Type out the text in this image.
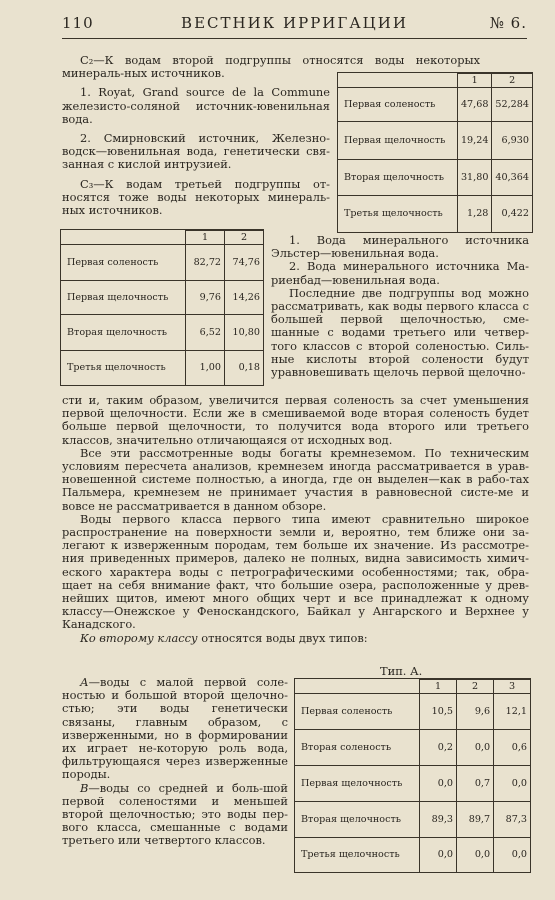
110	ВЕСТНИК ИРРИГАЦИИ	№ 6.

С₂—К водам второй подгруппы относятся воды некоторых минераль-ных источников.

1. Royat, Grand source de la Commune железисто-соляной источник-ювенильная вода.

2. Смирновский источник, Железно-водск—ювенильная вода, генетически свя-занная с кислой интрузией.

С₃—К водам третьей подгруппы от-носятся тоже воды некоторых минераль-ных источников.

	1	2
Первая соленость	47,68	52,284
Первая щелочность	19,24	6,930
Вторая щелочность	31,80	40,364
Третья щелочность	1,28	0,422
	1	2
Первая соленость	82,72	74,76
Первая щелочность	9,76	14,26
Вторая щелочность	6,52	10,80
Третья щелочность	1,00	0,18

1. Вода минерального источника Эльстер—ювенильная вода.

2. Вода минерального источника Ма-риенбад—ювенильная вода.

Последние две подгруппы вод можно рассматривать, как воды первого класса с большей первой щелочностью, сме-шанные с водами третьего или четвер-того классов с второй соленостью. Силь-ные кислоты второй солености будут уравновешивать щелочь первой щелочно-

сти и, таким образом, увеличится первая соленость за счет уменьшения первой щелочности. Если же в смешиваемой воде вторая соленость будет больше первой щелочности, то получится вода второго или третьего классов, значительно отличающаяся от исходных вод.

Все эти рассмотренные воды богаты кремнеземом. По техническим условиям пересчета анализов, кремнезем иногда рассматривается в урав-новешенной системе полностью, а иногда, где он выделен—как в рабо-тах Пальмера, кремнезем не принимает участия в равновесной систе-ме и вовсе не рассматривается в данном обзоре.

Воды первого класса первого типа имеют сравнительно широкое распространение на поверхности земли и, вероятно, тем ближе они за-легают к изверженным породам, тем больше их значение. Из рассмотре-ния приведенных примеров, далеко не полных, видна зависимость химич-еского характера воды с петрографическими особенностями; так, обра-щает на себя внимание факт, что большие озера, расположенные у древ-нейших щитов, имеют много общих черт и все принадлежат к одному классу—Онежское у Феноскандского, Байкал у Ангарского и Верхнее у Канадского.

Ко второму классу относятся воды двух типов:

А—воды с малой первой соле-ностью и большой второй щелочно-стью; эти воды генетически связаны, главным образом, с изверженными, но в формировании их играет не-которую роль вода, фильтрующаяся через изверженные породы.

В—воды со средней и боль-шой первой соленостями и меньшей второй щелочностью; это воды пер-вого класса, смешанные с водами третьего или четвертого классов.

Тип. А.
	1	2	3
Первая соленость	10,5	9,6	12,1
Вторая соленость	0,2	0,0	0,6
Первая щелочность	0,0	0,7	0,0
Вторая щелочность	89,3	89,7	87,3
Третья щелочность	0,0	0,0	0,0
